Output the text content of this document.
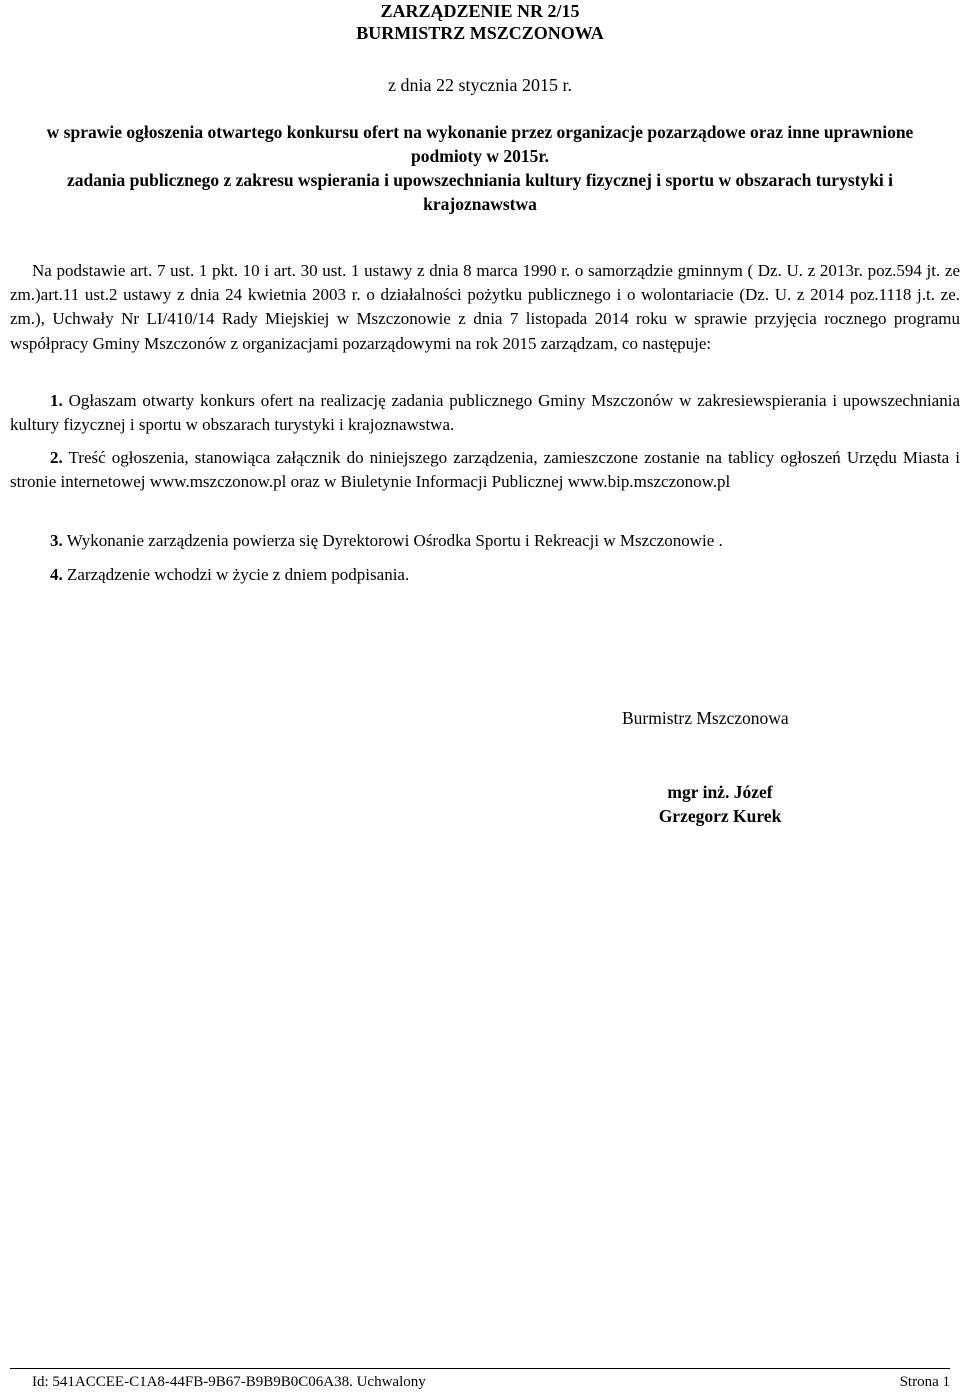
ZARZĄDZENIE NR 2/15
BURMISTRZ MSZCZONOWA
z dnia 22 stycznia 2015 r.
w sprawie ogłoszenia otwartego konkursu ofert na wykonanie przez organizacje pozarządowe oraz inne uprawnione podmioty w 2015r.
zadania publicznego z zakresu wspierania i upowszechniania kultury fizycznej i sportu w obszarach turystyki i krajoznawstwa
Na podstawie art. 7 ust. 1 pkt. 10 i art. 30 ust. 1 ustawy z dnia 8 marca 1990 r. o samorządzie gminnym ( Dz. U. z 2013r. poz.594 jt. ze zm.)art.11 ust.2 ustawy z dnia 24 kwietnia 2003 r. o działalności pożytku publicznego i o wolontariacie (Dz. U. z 2014 poz.1118 j.t. ze. zm.), Uchwały Nr LI/410/14 Rady Miejskiej w Mszczonowie z dnia 7 listopada 2014 roku w sprawie przyjęcia rocznego programu współpracy Gminy Mszczonów z organizacjami pozarządowymi na rok 2015 zarządzam, co następuje:
1. Ogłaszam otwarty konkurs ofert na realizację zadania publicznego Gminy Mszczonów w zakresiewspierania i upowszechniania kultury fizycznej i sportu w obszarach turystyki i krajoznawstwa.
2. Treść ogłoszenia, stanowiąca załącznik do niniejszego zarządzenia, zamieszczone zostanie na tablicy ogłoszeń Urzędu Miasta i stronie internetowej www.mszczonow.pl oraz w Biuletynie Informacji Publicznej www.bip.mszczonow.pl
3. Wykonanie zarządzenia powierza się Dyrektorowi Ośrodka Sportu i Rekreacji w Mszczonowie .
4. Zarządzenie wchodzi w życie z dniem podpisania.
Burmistrz Mszczonowa
mgr inż. Józef
Grzegorz Kurek
Id: 541ACCEE-C1A8-44FB-9B67-B9B9B0C06A38. Uchwalony	Strona 1
